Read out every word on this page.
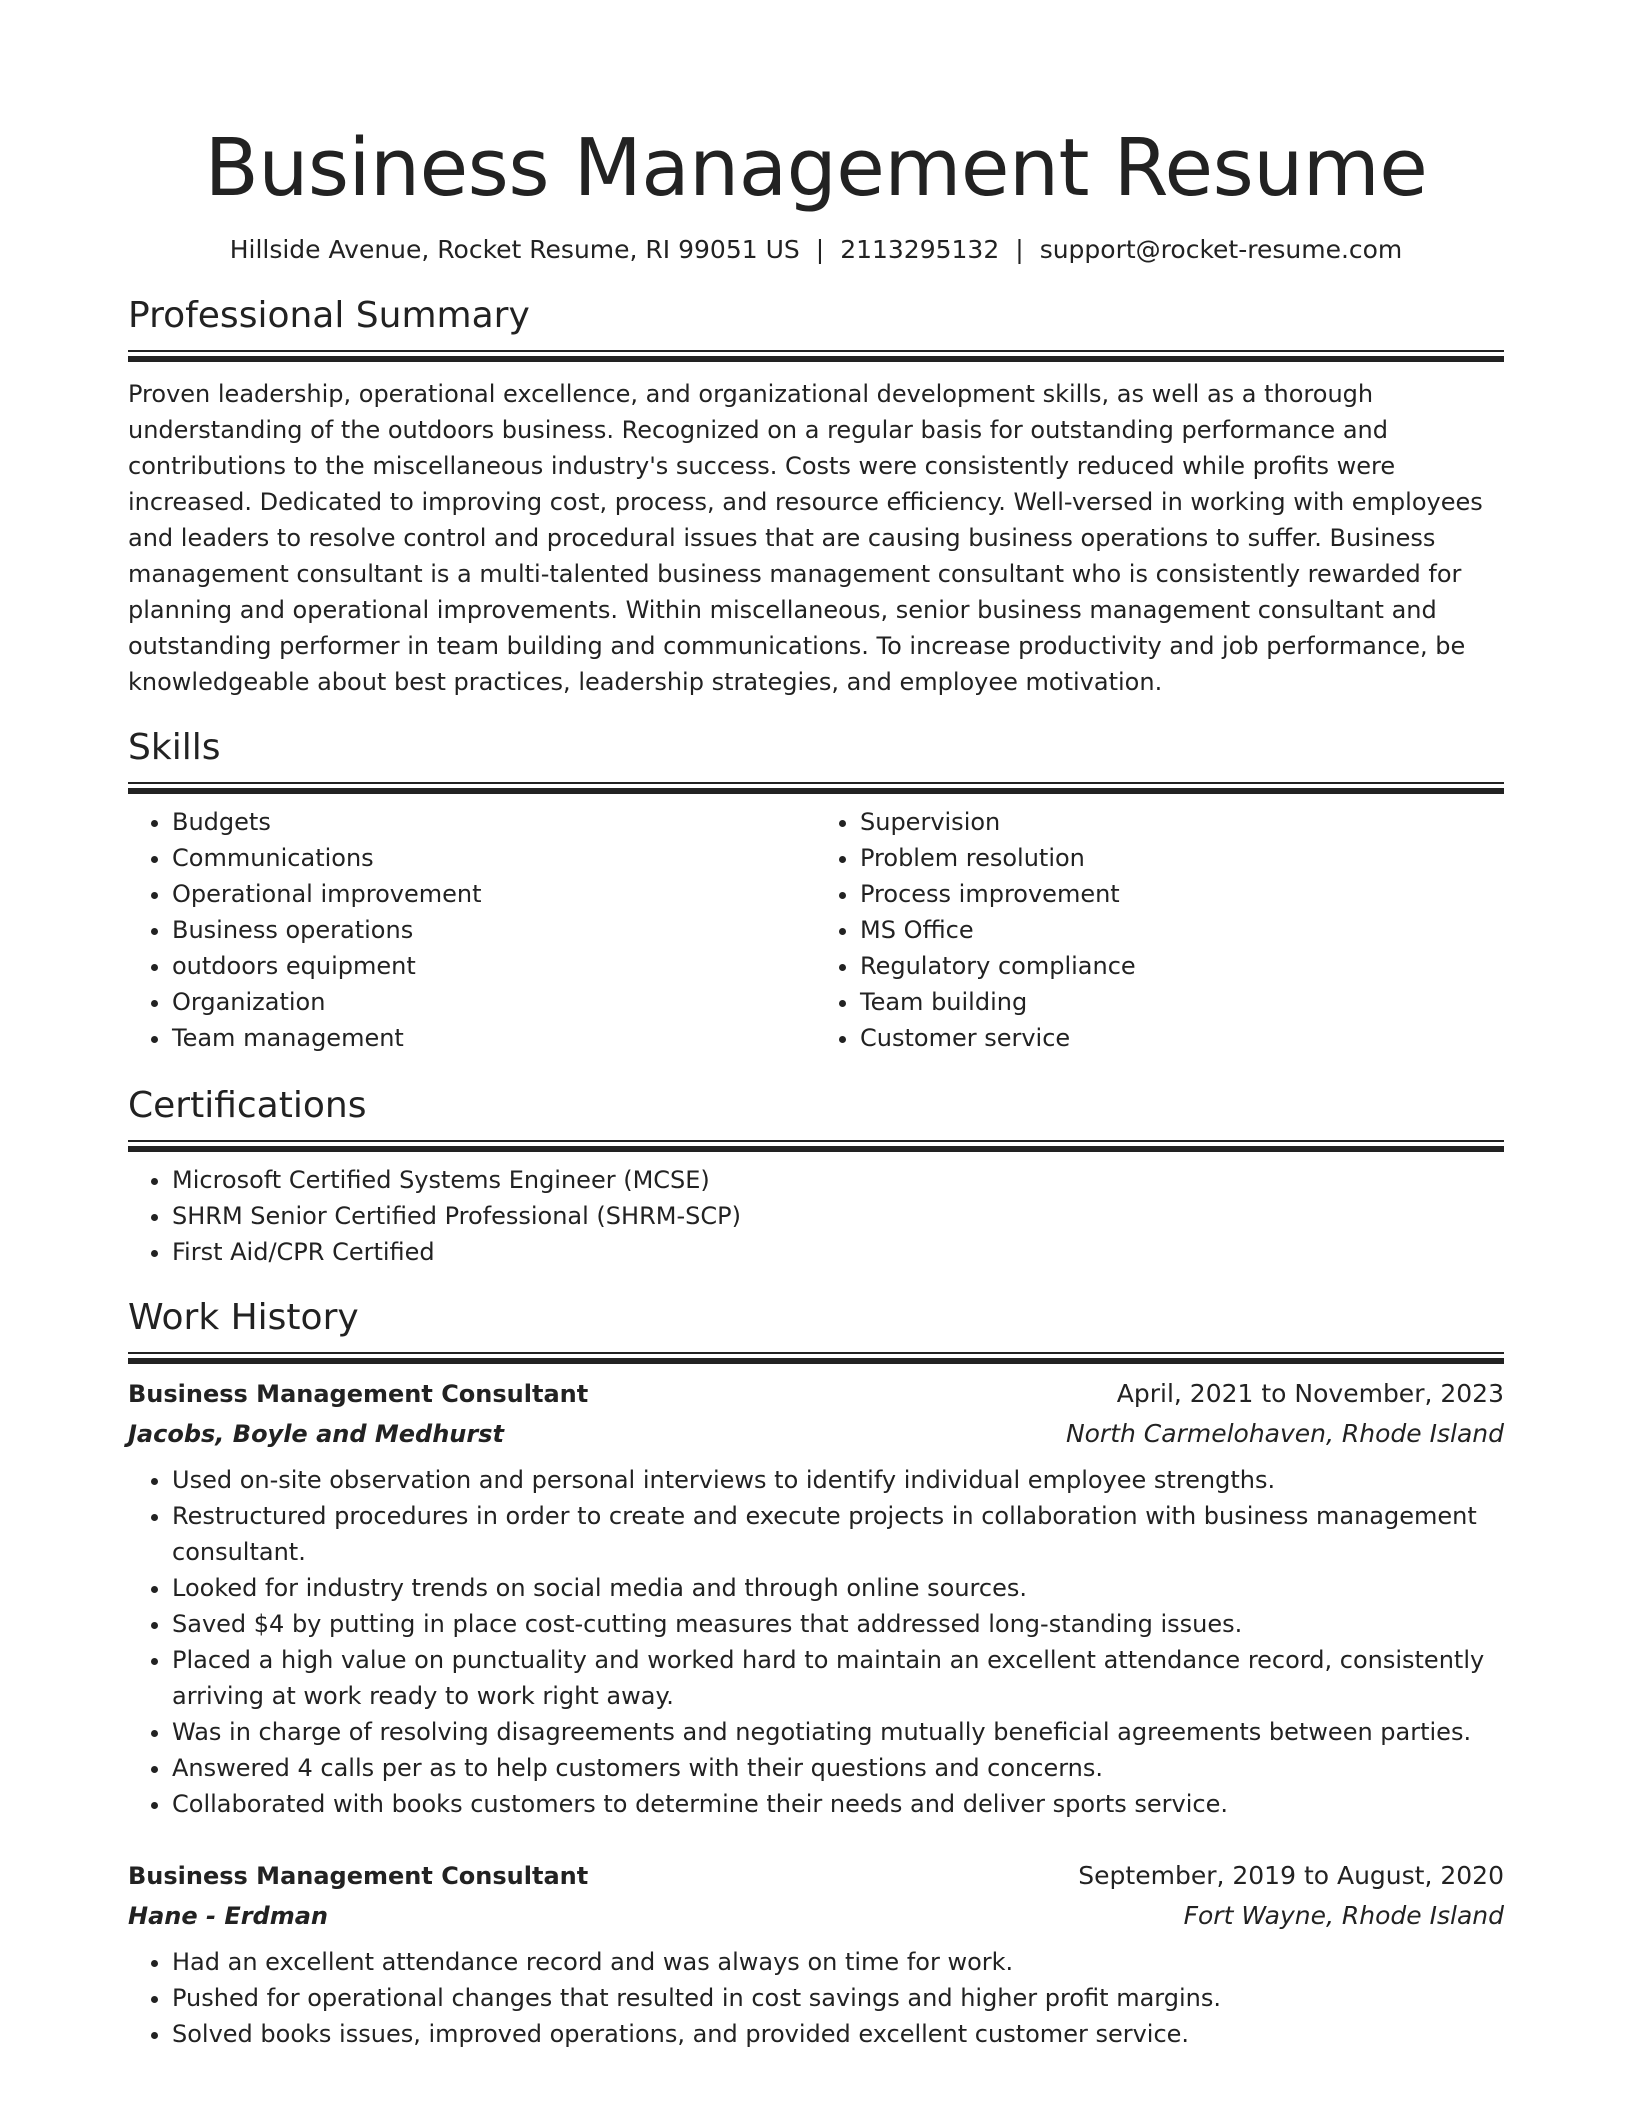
Business Management Resume
Hillside Avenue, Rocket Resume, RI 99051 US | 2113295132 | support@rocket-resume.com
Professional Summary

Proven leadership, operational excellence, and organizational development skills, as well as a thorough understanding of the outdoors business. Recognized on a regular basis for outstanding performance and contributions to the miscellaneous industry's success. Costs were consistently reduced while profits were increased. Dedicated to improving cost, process, and resource efficiency. Well-versed in working with employees and leaders to resolve control and procedural issues that are causing business operations to suffer. Business management consultant is a multi-talented business management consultant who is consistently rewarded for planning and operational improvements. Within miscellaneous, senior business management consultant and outstanding performer in team building and communications. To increase productivity and job performance, be knowledgeable about best practices, leadership strategies, and employee motivation.

Skills
• Budgets
• Communications
• Operational improvement
• Business operations
• outdoors equipment
• Organization
• Team management
• Supervision
• Problem resolution
• Process improvement
• MS Office
• Regulatory compliance
• Team building
• Customer service
Certifications
• Microsoft Certified Systems Engineer (MCSE)
• SHRM Senior Certified Professional (SHRM-SCP)
• First Aid/CPR Certified
Work History
Business Management Consultant	April, 2021 to November, 2023
Jacobs, Boyle and Medhurst	North Carmelohaven, Rhode Island
• Used on-site observation and personal interviews to identify individual employee strengths.
• Restructured procedures in order to create and execute projects in collaboration with business management consultant.
• Looked for industry trends on social media and through online sources.
• Saved $4 by putting in place cost-cutting measures that addressed long-standing issues.
• Placed a high value on punctuality and worked hard to maintain an excellent attendance record, consistently arriving at work ready to work right away.
• Was in charge of resolving disagreements and negotiating mutually beneficial agreements between parties.
• Answered 4 calls per as to help customers with their questions and concerns.
• Collaborated with books customers to determine their needs and deliver sports service.
Business Management Consultant	September, 2019 to August, 2020
Hane - Erdman	Fort Wayne, Rhode Island
• Had an excellent attendance record and was always on time for work.
• Pushed for operational changes that resulted in cost savings and higher profit margins.
• Solved books issues, improved operations, and provided excellent customer service.
